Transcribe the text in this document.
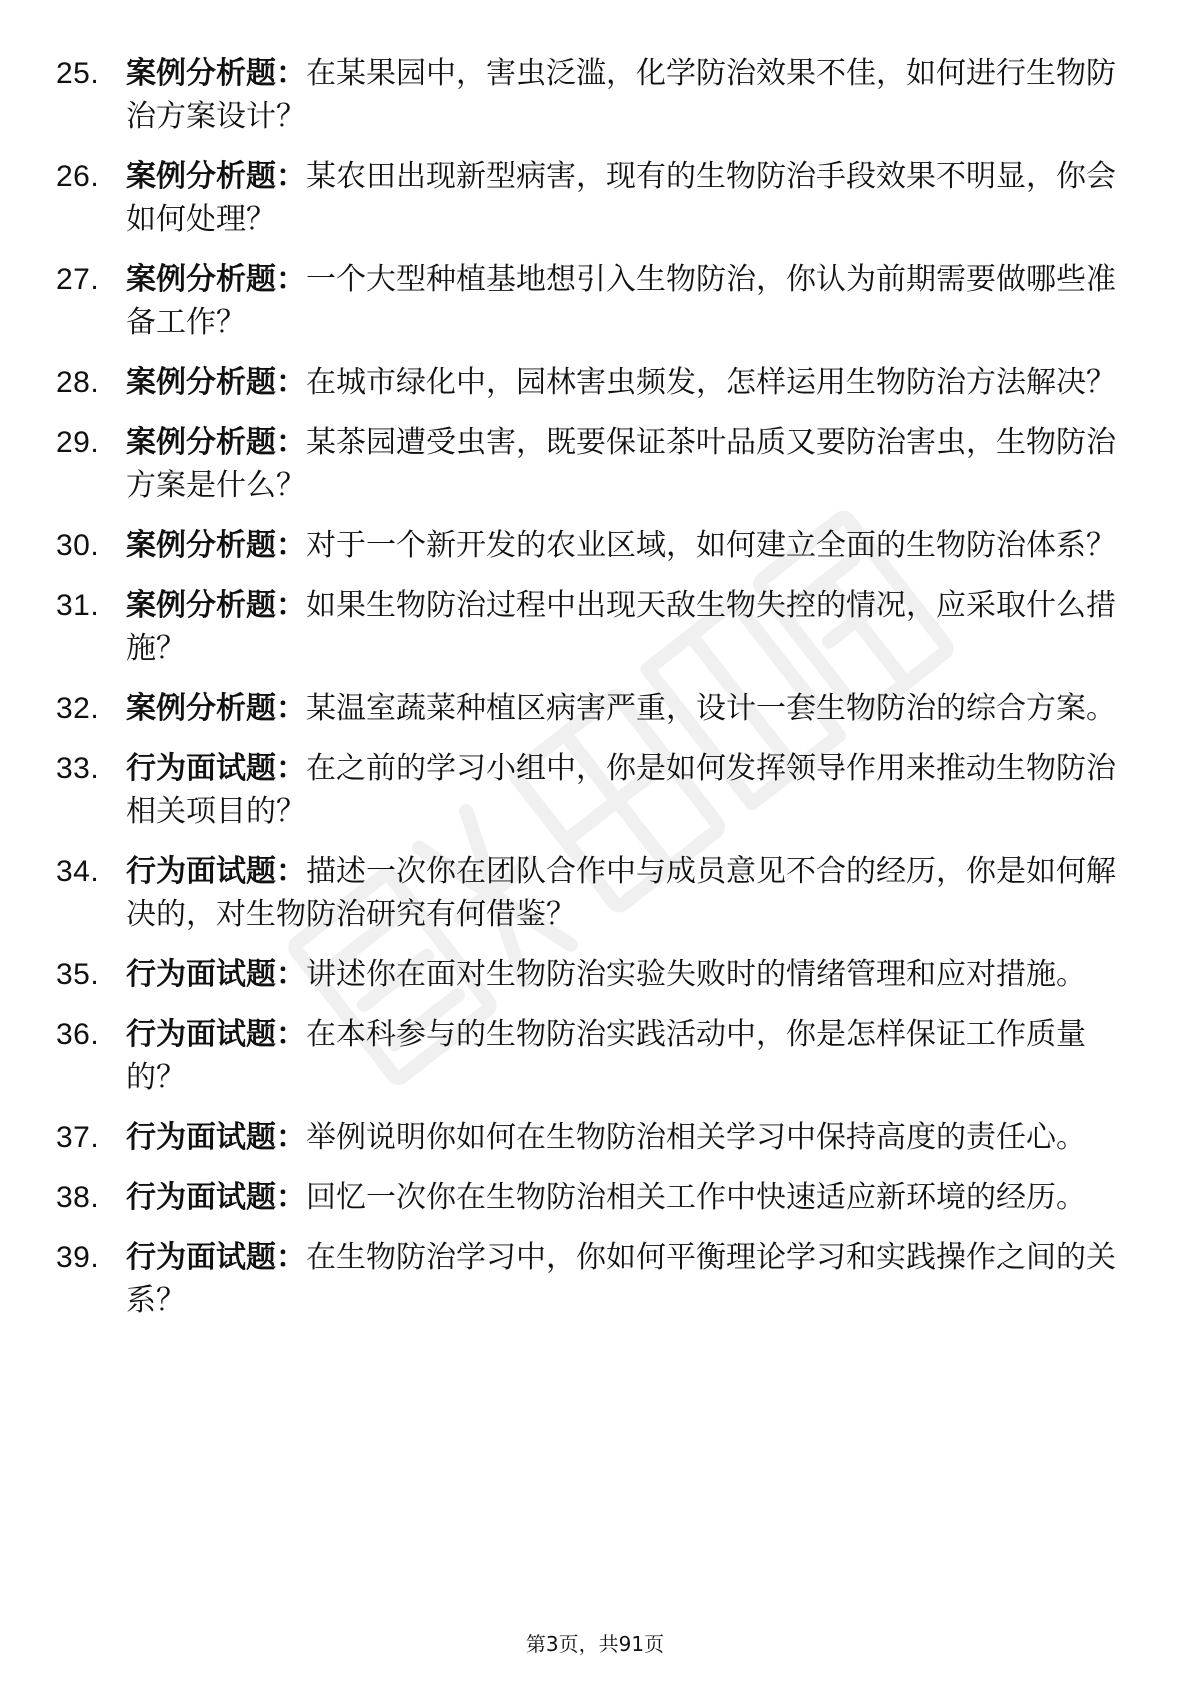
25. 案例分析题：在某果园中，害虫泛滥，化学防治效果不佳，如何进行生物防治方案设计？
26. 案例分析题：某农田出现新型病害，现有的生物防治手段效果不明显，你会如何处理？
27. 案例分析题：一个大型种植基地想引入生物防治，你认为前期需要做哪些准备工作？
28. 案例分析题：在城市绿化中，园林害虫频发，怎样运用生物防治方法解决？
29. 案例分析题：某茶园遭受虫害，既要保证茶叶品质又要防治害虫，生物防治方案是什么？
30. 案例分析题：对于一个新开发的农业区域，如何建立全面的生物防治体系？
31. 案例分析题：如果生物防治过程中出现天敌生物失控的情况，应采取什么措施？
32. 案例分析题：某温室蔬菜种植区病害严重，设计一套生物防治的综合方案。
33. 行为面试题：在之前的学习小组中，你是如何发挥领导作用来推动生物防治相关项目的？
34. 行为面试题：描述一次你在团队合作中与成员意见不合的经历，你是如何解决的，对生物防治研究有何借鉴？
35. 行为面试题：讲述你在面对生物防治实验失败时的情绪管理和应对措施。
36. 行为面试题：在本科参与的生物防治实践活动中，你是怎样保证工作质量的？
37. 行为面试题：举例说明你如何在生物防治相关学习中保持高度的责任心。
38. 行为面试题：回忆一次你在生物防治相关工作中快速适应新环境的经历。
39. 行为面试题：在生物防治学习中，你如何平衡理论学习和实践操作之间的关系？
第3页，共91页
